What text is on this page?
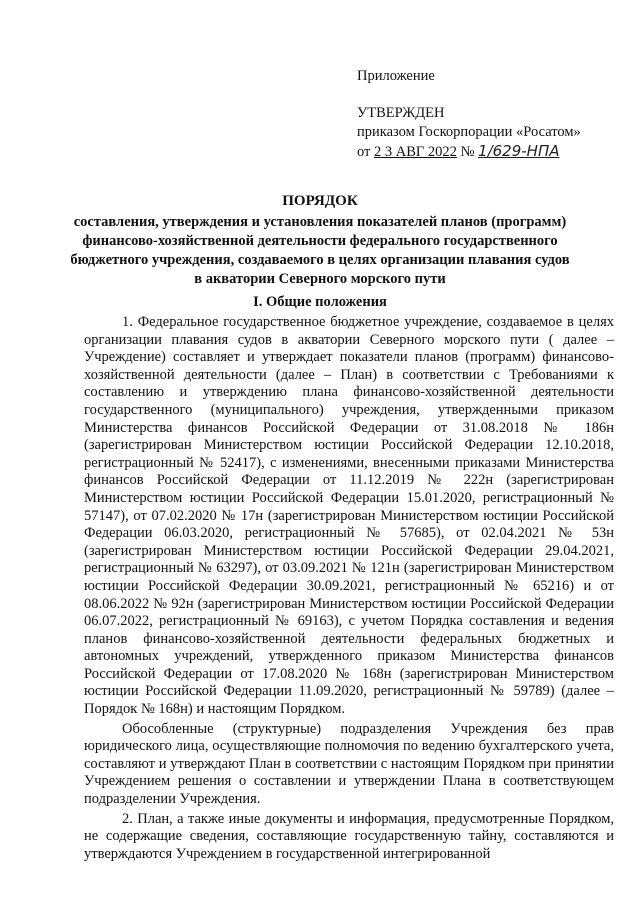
Приложение
УТВЕРЖДЕН
приказом Госкорпорации «Росатом»
от 2 3 АВГ 2022 № 1/629-НПА
ПОРЯДОК
составления, утверждения и установления показателей планов (программ)
финансово-хозяйственной деятельности федерального государственного
бюджетного учреждения, создаваемого в целях организации плавания судов
в акватории Северного морского пути
I. Общие положения

1. Федеральное государственное бюджетное учреждение, создаваемое в целях организации плавания судов в акватории Северного морского пути ( далее – Учреждение) составляет и утверждает показатели планов (программ) финансово-хозяйственной деятельности (далее – План) в соответствии с Требованиями к составлению и утверждению плана финансово-хозяйственной деятельности государственного (муниципального) учреждения, утвержденными приказом Министерства финансов Российской Федерации от 31.08.2018 № 186н (зарегистрирован Министерством юстиции Российской Федерации 12.10.2018, регистрационный № 52417), с изменениями, внесенными приказами Министерства финансов Российской Федерации от 11.12.2019 № 222н (зарегистрирован Министерством юстиции Российской Федерации 15.01.2020, регистрационный № 57147), от 07.02.2020 № 17н (зарегистрирован Министерством юстиции Российской Федерации 06.03.2020, регистрационный № 57685), от 02.04.2021 № 53н (зарегистрирован Министерством юстиции Российской Федерации 29.04.2021, регистрационный № 63297), от 03.09.2021 № 121н (зарегистрирован Министерством юстиции Российской Федерации 30.09.2021, регистрационный № 65216) и от 08.06.2022 № 92н (зарегистрирован Министерством юстиции Российской Федерации 06.07.2022, регистрационный № 69163), с учетом Порядка составления и ведения планов финансово-хозяйственной деятельности федеральных бюджетных и автономных учреждений, утвержденного приказом Министерства финансов Российской Федерации от 17.08.2020 № 168н (зарегистрирован Министерством юстиции Российской Федерации 11.09.2020, регистрационный № 59789) (далее – Порядок № 168н) и настоящим Порядком.

Обособленные (структурные) подразделения Учреждения без прав юридического лица, осуществляющие полномочия по ведению бухгалтерского учета, составляют и утверждают План в соответствии с настоящим Порядком при принятии Учреждением решения о составлении и утверждении Плана в соответствующем подразделении Учреждения.

2. План, а также иные документы и информация, предусмотренные Порядком, не содержащие сведения, составляющие государственную тайну, составляются и утверждаются Учреждением в государственной интегрированной
